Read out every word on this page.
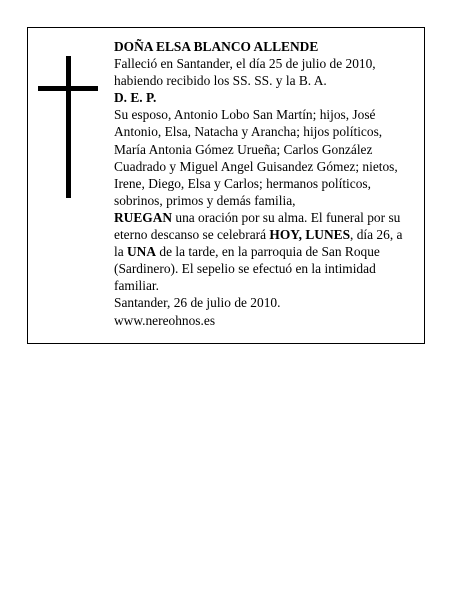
DOÑA ELSA BLANCO ALLENDE

Falleció en Santander, el día 25 de julio de 2010, habiendo recibido los SS. SS. y la B. A.

D. E. P.

Su esposo, Antonio Lobo San Martín; hijos, José Antonio, Elsa, Natacha y Arancha; hijos políticos, María Antonia Gómez Urueña; Carlos González Cuadrado y Miguel Angel Guisandez Gómez; nietos, Irene, Diego, Elsa y Carlos; hermanos políticos, sobrinos, primos y demás familia,

RUEGAN una oración por su alma. El funeral por su eterno descanso se celebrará HOY, LUNES, día 26, a la UNA de la tarde, en la parroquia de San Roque (Sardinero). El sepelio se efectuó en la intimidad familiar.

Santander, 26 de julio de 2010.

www.nereohnos.es
